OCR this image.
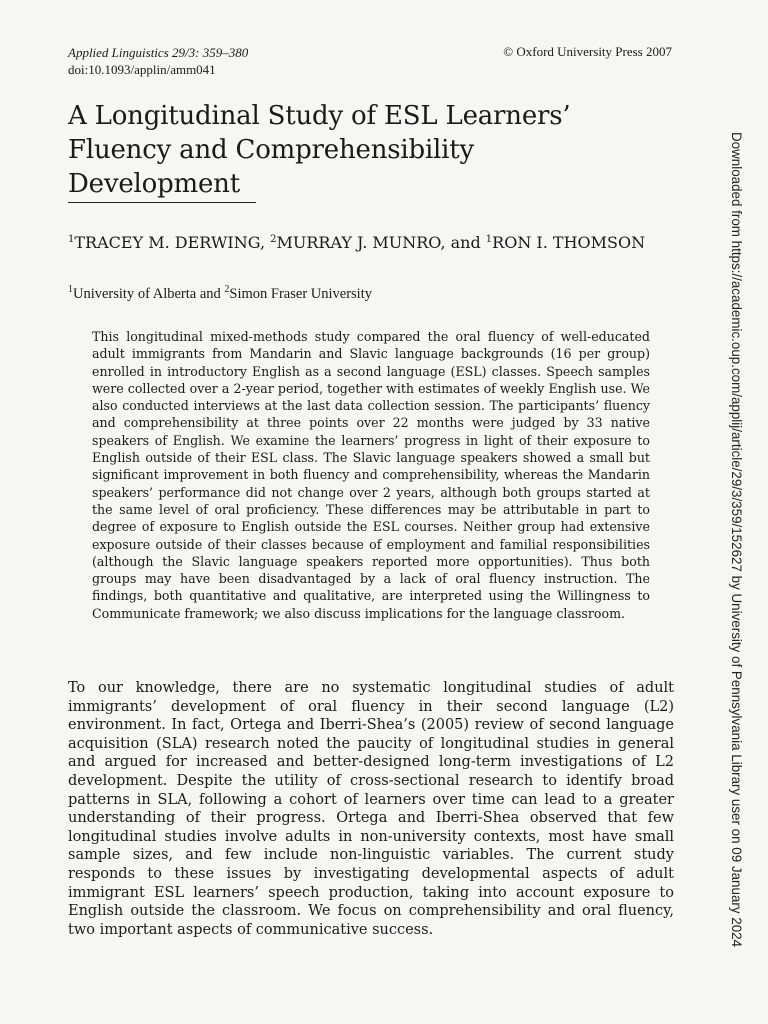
Applied Linguistics 29/3: 359–380
doi:10.1093/applin/amm041
© Oxford University Press 2007
A Longitudinal Study of ESL Learners’ Fluency and Comprehensibility Development
$^1$TRACEY M. DERWING, $^2$MURRAY J. MUNRO, and $^1$RON I. THOMSON
$^1$University of Alberta and $^2$Simon Fraser University

This longitudinal mixed-methods study compared the oral fluency of well-educated adult immigrants from Mandarin and Slavic language backgrounds (16 per group) enrolled in introductory English as a second language (ESL) classes. Speech samples were collected over a 2-year period, together with estimates of weekly English use. We also conducted interviews at the last data collection session. The participants’ fluency and comprehensibility at three points over 22 months were judged by 33 native speakers of English. We examine the learners’ progress in light of their exposure to English outside of their ESL class. The Slavic language speakers showed a small but significant improvement in both fluency and comprehensibility, whereas the Mandarin speakers’ performance did not change over 2 years, although both groups started at the same level of oral proficiency. These differences may be attributable in part to degree of exposure to English outside the ESL courses. Neither group had extensive exposure outside of their classes because of employment and familial responsibilities (although the Slavic language speakers reported more opportunities). Thus both groups may have been disadvantaged by a lack of oral fluency instruction. The findings, both quantitative and qualitative, are interpreted using the Willingness to Communicate framework; we also discuss implications for the language classroom.

To our knowledge, there are no systematic longitudinal studies of adult immigrants’ development of oral fluency in their second language (L2) environment. In fact, Ortega and Iberri-Shea’s (2005) review of second language acquisition (SLA) research noted the paucity of longitudinal studies in general and argued for increased and better-designed long-term investigations of L2 development. Despite the utility of cross-sectional research to identify broad patterns in SLA, following a cohort of learners over time can lead to a greater understanding of their progress. Ortega and Iberri-Shea observed that few longitudinal studies involve adults in non-university contexts, most have small sample sizes, and few include non-linguistic variables. The current study responds to these issues by investigating developmental aspects of adult immigrant ESL learners’ speech production, taking into account exposure to English outside the classroom. We focus on comprehensibility and oral fluency, two important aspects of communicative success.	Downloaded from https://academic.oup.com/applij/article/29/3/359/152627 by University of Pennsylvania Library user on 09 January 2024
